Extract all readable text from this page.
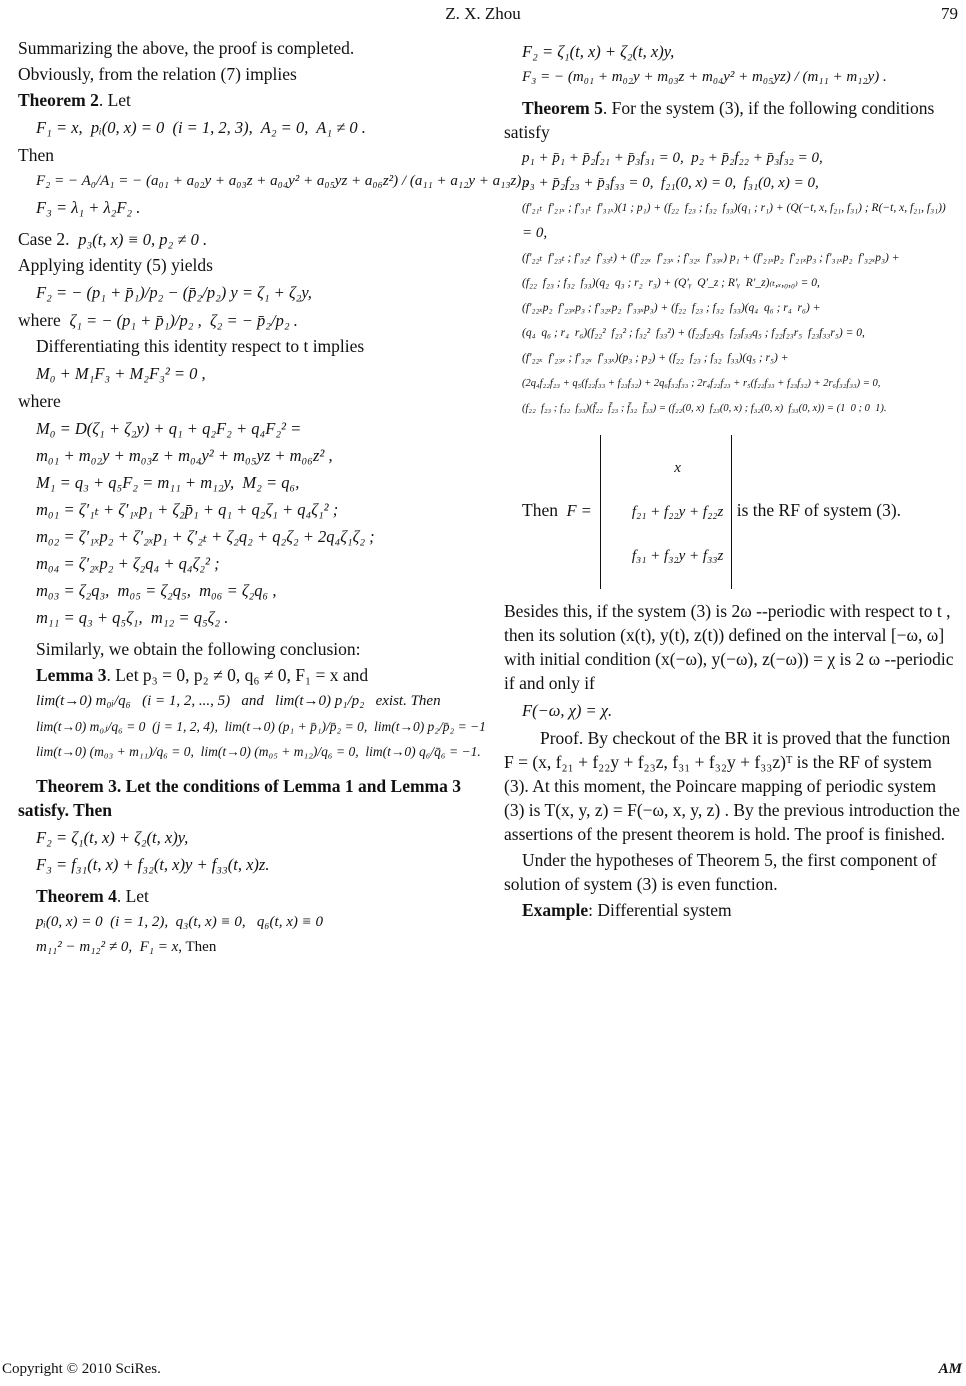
Z. X. Zhou	79

Summarizing the above, the proof is completed.

Obviously, from the relation (7) implies

Theorem 2. Let

F₁ = x,  pᵢ(0, x) = 0  (i = 1, 2, 3),  A₂ = 0,  A₁ ≠ 0 .

Then

F₂ = − A₀/A₁ = − (a₀₁ + a₀₂y + a₀₃z + a₀₄y² + a₀₅yz + a₀₆z²) / (a₁₁ + a₁₂y + a₁₃z) ,
F₃ = λ₁ + λ₂F₂ .

Case 2. p₃(t, x) ≡ 0, p₂ ≠ 0 .

Applying identity (5) yields

F₂ = − (p₁ + p̄₁)/p₂ − (p̄₂/p₂) y = ζ₁ + ζ₂y,

where ζ₁ = − (p₁ + p̄₁)/p₂ ,  ζ₂ = − p̄₂/p₂ .

Differentiating this identity respect to t implies

M₀ + M₁F₃ + M₂F₃² = 0 ,

where

M₀ = D(ζ₁ + ζ₂y) + q₁ + q₂F₂ + q₄F₂² =
m₀₁ + m₀₂y + m₀₃z + m₀₄y² + m₀₅yz + m₀₆z² ,
M₁ = q₃ + q₅F₂ = m₁₁ + m₁₂y,  M₂ = q₆,
m₀₁ = ζ′₁ₜ + ζ′₁ₓp₁ + ζ₂p̄₁ + q₁ + q₂ζ₁ + q₄ζ₁² ;
m₀₂ = ζ′₁ₓp₂ + ζ′₂ₓp₁ + ζ′₂ₜ + ζ₂q₂ + q₂ζ₂ + 2q₄ζ₁ζ₂ ;
m₀₄ = ζ′₂ₓp₂ + ζ₂q₄ + q₄ζ₂² ;
m₀₃ = ζ₂q₃,  m₀₅ = ζ₂q₅,  m₀₆ = ζ₂q₆ ,
m₁₁ = q₃ + q₅ζ₁,  m₁₂ = q₅ζ₂ .

Similarly, we obtain the following conclusion:

Lemma 3. Let p₃ = 0, p₂ ≠ 0, q₆ ≠ 0, F₁ = x and

lim(t→0) m₀ᵢ/q₆   (i = 1, 2, ..., 5)   and   lim(t→0) p₁/p₂   exist. Then
lim(t→0) m₀ⱼ/q₆ = 0  (j = 1, 2, 4),  lim(t→0) (p₁ + p̄₁)/p̄₂ = 0,  lim(t→0) p₂/p̄₂ = −1
lim(t→0) (m₀₃ + m₁₁)/q₆ = 0,  lim(t→0) (m₀₅ + m₁₂)/q₆ = 0,  lim(t→0) q₆/q̄₆ = −1.

Theorem 3. Let the conditions of Lemma 1 and Lemma 3 satisfy. Then

F₂ = ζ₁(t, x) + ζ₂(t, x)y,
F₃ = f₃₁(t, x) + f₃₂(t, x)y + f₃₃(t, x)z.

Theorem 4. Let

pᵢ(0, x) = 0  (i = 1, 2),  q₃(t, x) ≡ 0,   q₆(t, x) ≡ 0
m₁₁² − m₁₂² ≠ 0,  F₁ = x, Then
F₂ = ζ₁(t, x) + ζ₂(t, x)y,
F₃ = − (m₀₁ + m₀₂y + m₀₃z + m₀₄y² + m₀₅yz) / (m₁₁ + m₁₂y) .

Theorem 5. For the system (3), if the following conditions satisfy

p₁ + p̄₁ + p̄₂f₂₁ + p̄₃f₃₁ = 0,  p₂ + p̄₂f₂₂ + p̄₃f₃₂ = 0,
p₃ + p̄₂f₂₃ + p̄₃f₃₃ = 0,  f₂₁(0, x) = 0,  f₃₁(0, x) = 0,
(f′₂₁ₜ  f′₂₁ₓ ; f′₃₁ₜ  f′₃₁ₓ)(1 ; p₁) + (f₂₂  f₂₃ ; f₃₂  f₃₃)(q₁ ; r₁) + (Q(−t, x, f₂₁, f₃₁) ; R(−t, x, f₂₁, f₃₁))
= 0,
(f′₂₂ₜ  f′₂₃ₜ ; f′₃₂ₜ  f′₃₃ₜ) + (f′₂₂ₓ  f′₂₃ₓ ; f′₃₂ₓ  f′₃₃ₓ) p₁ + (f′₂₁ₓp₂  f′₂₁ₓp₃ ; f′₃₁ₓp₂  f′₃₂ₓp₃) +
(f₂₂  f₂₃ ; f₃₂  f₃₃)(q₂  q₃ ; r₂  r₃) + (Q′ᵧ  Q′_z ; R′ᵧ  R′_z)₍ₜ,ₓ,₀,₀₎ = 0,
(f′₂₂ₓp₂  f′₂₃ₓp₃ ; f′₃₂ₓp₂  f′₃₃ₓp₃) + (f₂₂  f₂₃ ; f₃₂  f₃₃)(q₄  q₆ ; r₄  r₆) +
(q₄  q₆ ; r₄  r₆)(f₂₂²  f₂₃² ; f₃₂²  f₃₃²) + (f₂₂f₂₃q₅  f₂₃f₃₃q₅ ; f₂₂f₂₃r₅  f₂₃f₃₃r₅) = 0,
(f′₂₂ₓ  f′₂₃ₓ ; f′₃₂ₓ  f′₃₃ₓ)(p₃ ; p₂) + (f₂₂  f₂₃ ; f₃₂  f₃₃)(q₅ ; r₅) +
(2q₄f₂₂f₂₃ + q₅(f₂₂f₃₃ + f₂₃f₃₂) + 2q₆f₃₂f₃₃ ; 2r₄f₂₂f₂₃ + r₅(f₂₂f₃₃ + f₂₃f₃₂) + 2r₆f₃₂f₃₃) = 0,
(f₂₂  f₂₃ ; f₃₂  f₃₃)(f̄₂₂  f̄₂₃ ; f̄₃₂  f̄₃₃) = (f₂₂(0, x)  f₂₃(0, x) ; f₃₂(0, x)  f₃₃(0, x)) = (1  0 ; 0  1).
Then  F =
x

f₂₁ + f₂₂y + f₂₂z

f₃₁ + f₃₂y + f₃₃z
is the RF of system (3).

Besides this, if the system (3) is 2ω --periodic with respect to t , then its solution (x(t), y(t), z(t)) defined on the interval [−ω, ω] with initial condition (x(−ω), y(−ω), z(−ω)) = χ is 2 ω --periodic if and only if

F(−ω, χ) = χ.

Proof. By checkout of the BR it is proved that the function F = (x, f₂₁ + f₂₂y + f₂₃z, f₃₁ + f₃₂y + f₃₃z)ᵀ is the RF of system (3). At this moment, the Poincare mapping of periodic system (3) is T(x, y, z) = F(−ω, x, y, z) . By the previous introduction the assertions of the present theorem is hold. The proof is finished.

Under the hypotheses of Theorem 5, the first component of solution of system (3) is even function.

Example: Differential system

Copyright © 2010 SciRes.	AM
